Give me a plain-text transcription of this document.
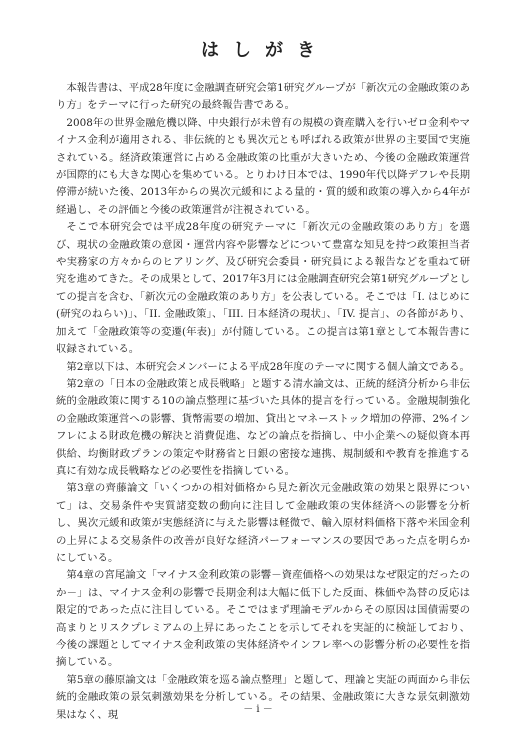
はしがき

本報告書は、平成28年度に金融調査研究会第1研究グループが「新次元の金融政策のあり方」をテーマに行った研究の最終報告書である。

2008年の世界金融危機以降、中央銀行が未曾有の規模の資産購入を行いゼロ金利やマイナス金利が適用される、非伝統的とも異次元とも呼ばれる政策が世界の主要国で実施されている。経済政策運営に占める金融政策の比重が大きいため、今後の金融政策運営が国際的にも大きな関心を集めている。とりわけ日本では、1990年代以降デフレや長期停滞が続いた後、2013年からの異次元緩和による量的・質的緩和政策の導入から4年が経過し、その評価と今後の政策運営が注視されている。

そこで本研究会では平成28年度の研究テーマに「新次元の金融政策のあり方」を選び、現状の金融政策の意図・運営内容や影響などについて豊富な知見を持つ政策担当者や実務家の方々からのヒアリング、及び研究会委員・研究員による報告などを重ねて研究を進めてきた。その成果として、2017年3月には金融調査研究会第1研究グループとしての提言を含む、「新次元の金融政策のあり方」を公表している。そこでは「I. はじめに(研究のねらい)」、「II. 金融政策」、「III. 日本経済の現状」、「IV. 提言」、の各節があり、加えて「金融政策等の変遷(年表)」が付随している。この提言は第1章として本報告書に収録されている。

第2章以下は、本研究会メンバーによる平成28年度のテーマに関する個人論文である。

第2章の「日本の金融政策と成長戦略」と題する清水論文は、正統的経済分析から非伝統的金融政策に関する10の論点整理に基づいた具体的提言を行っている。金融規制強化の金融政策運営への影響、貨幣需要の増加、貸出とマネーストック増加の停滞、2%インフレによる財政危機の解決と消費促進、などの論点を指摘し、中小企業への疑似資本再供給、均衡財政プランの策定や財務省と日銀の密接な連携、規制緩和や教育を推進する真に有効な成長戦略などの必要性を指摘している。

第3章の齊藤論文「いくつかの相対価格から見た新次元金融政策の効果と限界について」は、交易条件や実質諸変数の動向に注目して金融政策の実体経済への影響を分析し、異次元緩和政策が実態経済に与えた影響は軽微で、輸入原材料価格下落や米国金利の上昇による交易条件の改善が良好な経済パーフォーマンスの要因であった点を明らかにしている。

第4章の宮尾論文「マイナス金利政策の影響－資産価格への効果はなぜ限定的だったのか－」は、マイナス金利の影響で長期金利は大幅に低下した反面、株価や為替の反応は限定的であった点に注目している。そこではまず理論モデルからその原因は国債需要の高まりとリスクプレミアムの上昇にあったことを示してそれを実証的に検証しており、今後の課題としてマイナス金利政策の実体経済やインフレ率への影響分析の必要性を指摘している。

第5章の藤原論文は「金融政策を巡る論点整理」と題して、理論と実証の両面から非伝統的金融政策の景気刺激効果を分析している。その結果、金融政策に大きな景気刺激効果はなく、現	－ i －
